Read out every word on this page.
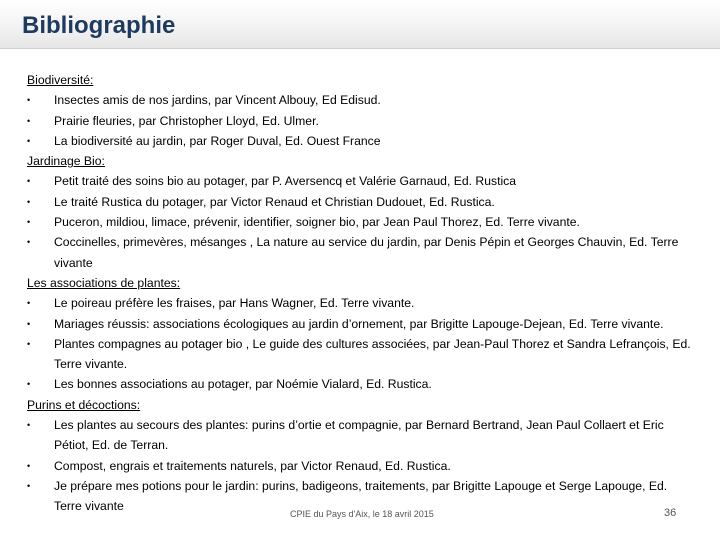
Bibliographie
Biodiversité:
• Insectes amis de nos jardins, par Vincent Albouy, Ed Edisud.
• Prairie fleuries, par Christopher Lloyd, Ed. Ulmer.
• La biodiversité au jardin, par Roger Duval, Ed. Ouest France
Jardinage Bio:
• Petit traité des soins bio au potager, par P. Aversencq et Valérie Garnaud, Ed. Rustica
• Le traité Rustica du potager, par Victor Renaud et Christian Dudouet, Ed. Rustica.
• Puceron, mildiou, limace, prévenir, identifier, soigner bio, par Jean Paul Thorez, Ed. Terre vivante.
• Coccinelles, primevères, mésanges , La nature au service du jardin, par Denis Pépin et Georges Chauvin, Ed. Terre vivante
Les associations de plantes:
• Le poireau préfère les fraises, par Hans Wagner, Ed. Terre vivante.
• Mariages réussis: associations écologiques au jardin d’ornement, par Brigitte Lapouge-Dejean, Ed. Terre vivante.
• Plantes compagnes au potager bio , Le guide des cultures associées, par Jean-Paul Thorez et Sandra Lefrançois, Ed. Terre vivante.
• Les bonnes associations au potager, par Noémie Vialard, Ed. Rustica.
Purins et décoctions:
• Les plantes au secours des plantes: purins d’ortie et compagnie, par Bernard Bertrand, Jean Paul Collaert et Eric Pétiot, Ed. de Terran.
• Compost, engrais et traitements naturels, par Victor Renaud, Ed. Rustica.
• Je prépare mes potions pour le jardin: purins, badigeons, traitements, par Brigitte Lapouge et Serge Lapouge, Ed. Terre vivante
CPIE du Pays d'Aix, le 18 avril 2015	36
